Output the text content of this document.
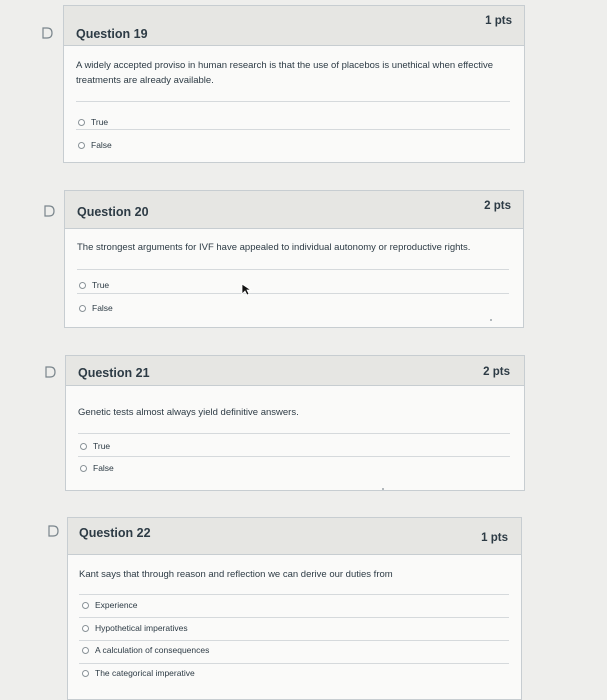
Question 19
1 pts
A widely accepted proviso in human research is that the use of placebos is unethical when effective treatments are already available.
True
False
Question 20	2 pts
The strongest arguments for IVF have appealed to individual autonomy or reproductive rights.
True
False
Question 21	2 pts
Genetic tests almost always yield definitive answers.
True
False
Question 22	1 pts
Kant says that through reason and reflection we can derive our duties from
Experience
Hypothetical imperatives
A calculation of consequences
The categorical imperative
